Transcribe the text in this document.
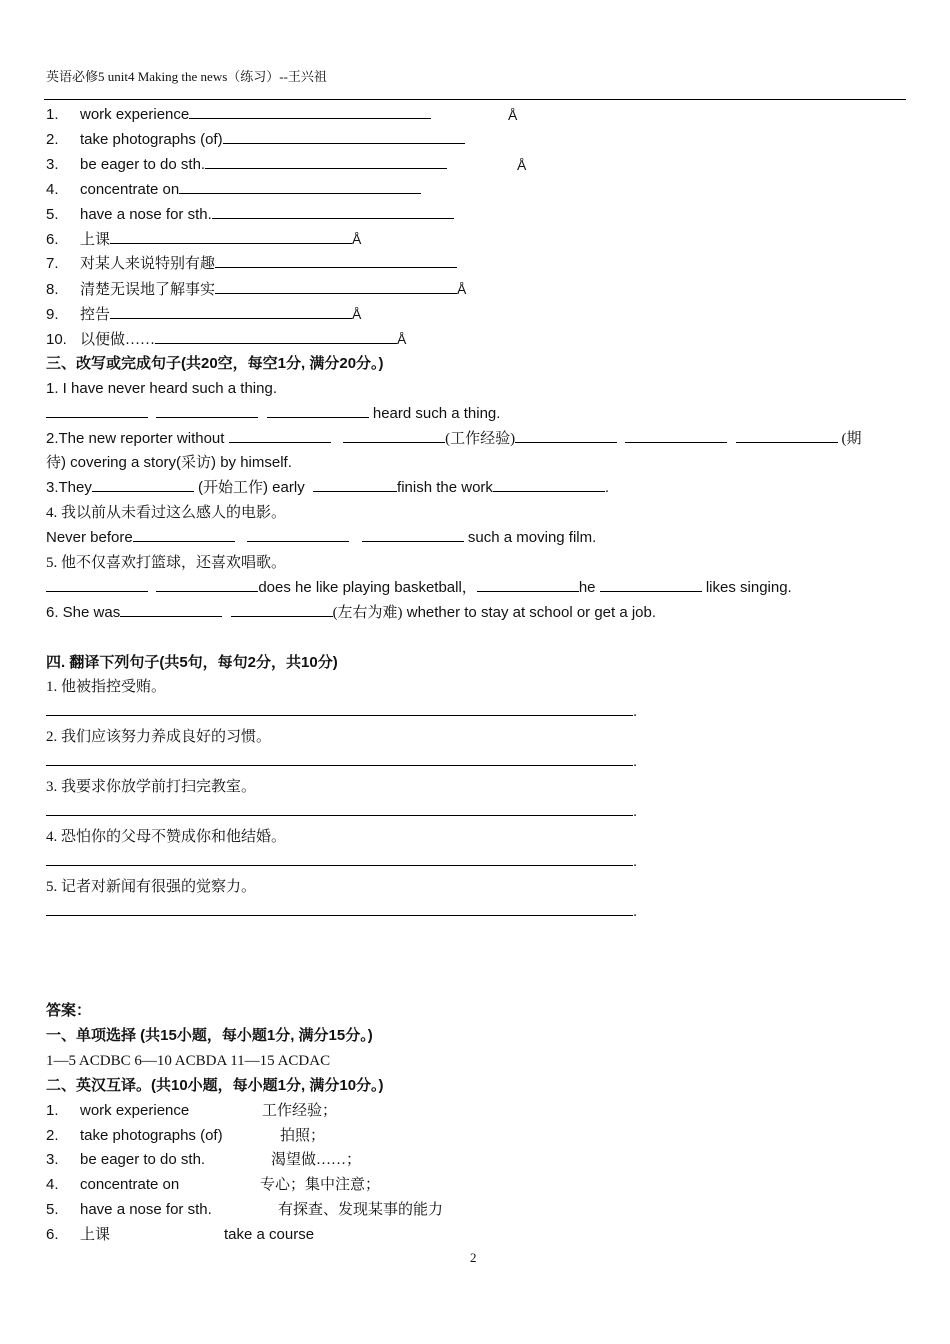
英语必修5 unit4 Making the news（练习）--王兴祖
1. work experience	Å
2. take photographs (of)
3. be eager to do sth.	Å
4. concentrate on
5. have a nose for sth.
6. 上课	Å
7. 对某人来说特别有趣
8. 清楚无误地了解事实	Å
9. 控告	Å
10. 以便做……	Å
三、改写或完成句子(共20空，每空1分, 满分20分。)
1. I have never heard such a thing.
heard such a thing.
2.The new reporter without	(工作经验)	(期
待) covering a story(采访) by himself.
3.They	(开始工作) early	finish the work	.
4. 我以前从未看过这么感人的电影。
Never before	such a moving film.
5. 他不仅喜欢打篮球，还喜欢唱歌。
does he like playing basketball，	he	likes singing.
6. She was	(左右为难) whether to stay at school or get a job.
四. 翻译下列句子(共5句，每句2分，共10分)
1. 他被指控受贿。
.
2. 我们应该努力养成良好的习惯。
.
3. 我要求你放学前打扫完教室。
.
4. 恐怕你的父母不赞成你和他结婚。
.
5. 记者对新闻有很强的觉察力。
.
答案：
一、单项选择 (共15小题，每小题1分, 满分15分。)
1—5 ACDBC 6—10 ACBDA 11—15 ACDAC
二、英汉互译。(共10小题，每小题1分, 满分10分。)
1. work experience	工作经验；
2. take photographs (of)	拍照；
3. be eager to do sth.	渴望做……；
4. concentrate on	专心；集中注意；
5. have a nose for sth.	有探查、发现某事的能力
6. 上课	take a course
2
